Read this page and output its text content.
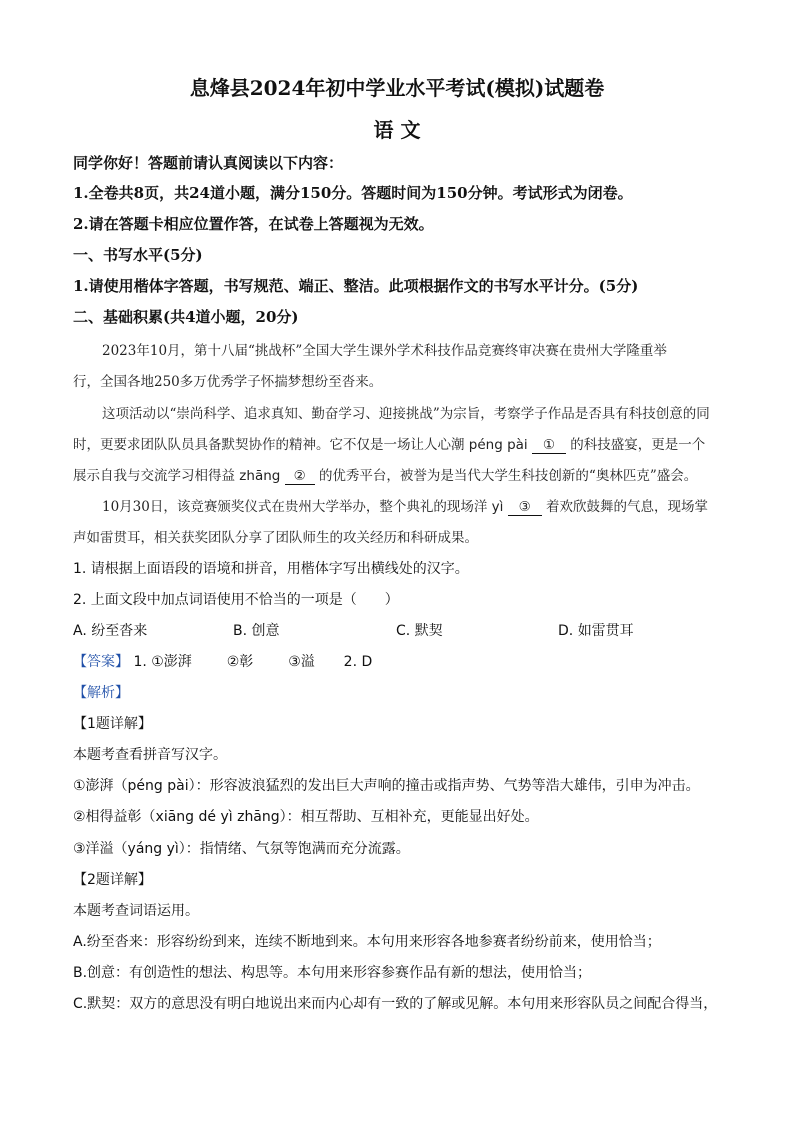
息烽县2024年初中学业水平考试(模拟)试题卷
语 文
同学你好！答题前请认真阅读以下内容：
1.全卷共8页，共24道小题，满分150分。答题时间为150分钟。考试形式为闭卷。
2.请在答题卡相应位置作答，在试卷上答题视为无效。
一、书写水平(5分)
1.请使用楷体字答题，书写规范、端正、整洁。此项根据作文的书写水平计分。(5分)
二、基础积累(共4道小题，20分)
2023年10月，第十八届“挑战杯”全国大学生课外学术科技作品竞赛终审决赛在贵州大学隆重举
行，全国各地250多万优秀学子怀揣梦想纷至沓来。
这项活动以“崇尚科学、追求真知、勤奋学习、迎接挑战”为宗旨，考察学子作品是否具有科技创意的同
时，更要求团队队员具备默契协作的精神。它不仅是一场让人心潮 péng pài ① 的科技盛宴，更是一个
展示自我与交流学习相得益 zhāng ② 的优秀平台，被誉为是当代大学生科技创新的“奥林匹克”盛会。
10月30日，该竞赛颁奖仪式在贵州大学举办，整个典礼的现场洋 yì ③ 着欢欣鼓舞的气息，现场掌
声如雷贯耳，相关获奖团队分享了团队师生的攻关经历和科研成果。
1. 请根据上面语段的语境和拼音，用楷体字写出横线处的汉字。
2. 上面文段中加点词语使用不恰当的一项是（　　）
A. 纷至沓来	B. 创意	C. 默契	D. 如雷贯耳
【答案】 1. ①澎湃 ②彰 ③溢 2. D
【解析】
【1题详解】
本题考查看拼音写汉字。
①澎湃（péng pài）：形容波浪猛烈的发出巨大声响的撞击或指声势、气势等浩大雄伟，引申为冲击。
②相得益彰（xiāng dé yì zhāng）：相互帮助、互相补充，更能显出好处。
③洋溢（yáng yì）：指情绪、气氛等饱满而充分流露。
【2题详解】
本题考查词语运用。
A.纷至沓来：形容纷纷到来，连续不断地到来。本句用来形容各地参赛者纷纷前来，使用恰当；
B.创意：有创造性的想法、构思等。本句用来形容参赛作品有新的想法，使用恰当；
C.默契：双方的意思没有明白地说出来而内心却有一致的了解或见解。本句用来形容队员之间配合得当，
